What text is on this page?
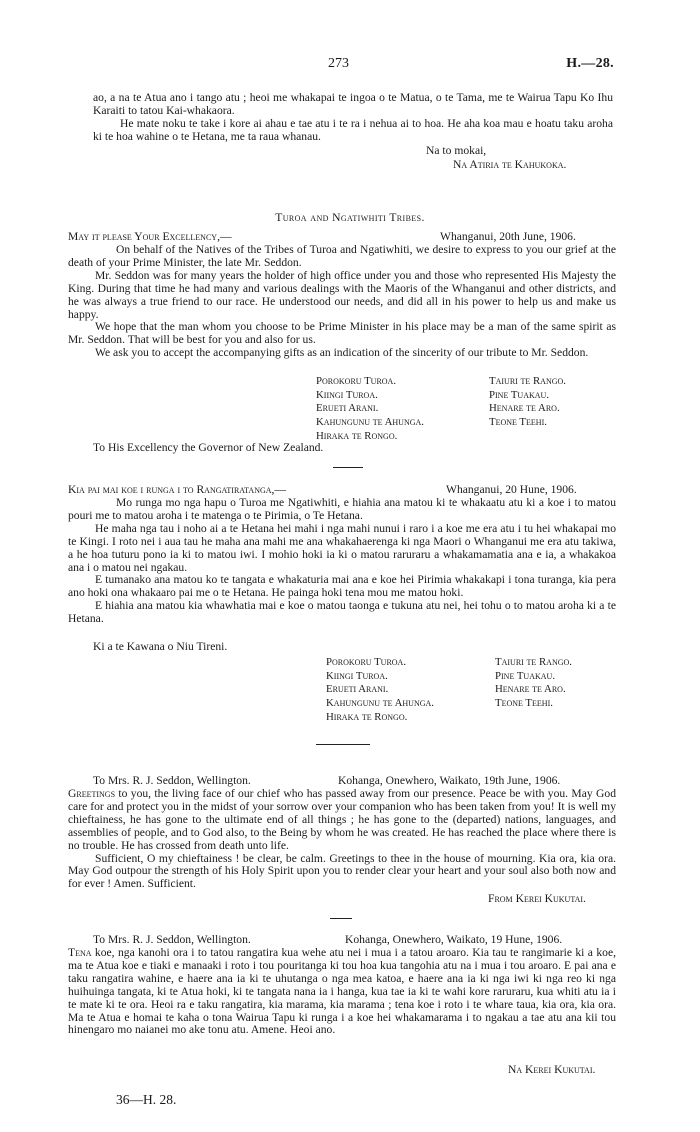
273	H.—28.

ao, a na te Atua ano i tango atu ; heoi me whakapai te ingoa o te Matua, o te Tama, me te Wairua Tapu Ko Ihu Karaiti to tatou Kai-whakaora.

He mate noku te take i kore ai ahau e tae atu i te ra i nehua ai to hoa. He aha koa mau e hoatu taku aroha ki te hoa wahine o te Hetana, me ta raua whanau.

Na to mokai,
Na Atiria te Kahukoka.
Turoa and Ngatiwhiti Tribes.
May it please Your Excellency,—	Whanganui, 20th June, 1906.

On behalf of the Natives of the Tribes of Turoa and Ngatiwhiti, we desire to express to you our grief at the death of your Prime Minister, the late Mr. Seddon.

Mr. Seddon was for many years the holder of high office under you and those who represented His Majesty the King. During that time he had many and various dealings with the Maoris of the Whanganui and other districts, and he was always a true friend to our race. He understood our needs, and did all in his power to help us and make us happy.

We hope that the man whom you choose to be Prime Minister in his place may be a man of the same spirit as Mr. Seddon. That will be best for you and also for us.

We ask you to accept the accompanying gifts as an indication of the sincerity of our tribute to Mr. Seddon.

Porokoru Turoa.
Kiingi Turoa.
Erueti Arani.
Kahungunu te Ahunga.
Hiraka te Rongo.
Taiuri te Rango.
Pine Tuakau.
Henare te Aro.
Teone Teehi.
To His Excellency the Governor of New Zealand.
Kia pai mai koe i runga i to Rangatiratanga,—	Whanganui, 20 Hune, 1906.

Mo runga mo nga hapu o Turoa me Ngatiwhiti, e hiahia ana matou ki te whakaatu atu ki a koe i to matou pouri me to matou aroha i te matenga o te Pirimia, o Te Hetana.

He maha nga tau i noho ai a te Hetana hei mahi i nga mahi nunui i raro i a koe me era atu i tu hei whakapai mo te Kingi. I roto nei i aua tau he maha ana mahi me ana whakahaerenga ki nga Maori o Whanganui me era atu takiwa, a he hoa tuturu pono ia ki to matou iwi. I mohio hoki ia ki o matou raruraru a whakamamatia ana e ia, a whakakoa ana i o matou nei ngakau.

E tumanako ana matou ko te tangata e whakaturia mai ana e koe hei Pirimia whakakapi i tona turanga, kia pera ano hoki ona whakaaro pai me o te Hetana. He painga hoki tena mou me matou hoki.

E hiahia ana matou kia whawhatia mai e koe o matou taonga e tukuna atu nei, hei tohu o to matou aroha ki a te Hetana.

Ki a te Kawana o Niu Tireni.
Porokoru Turoa.
Kiingi Turoa.
Erueti Arani.
Kahungunu te Ahunga.
Hiraka te Rongo.
Taiuri te Rango.
Pine Tuakau.
Henare te Aro.
Teone Teehi.
To Mrs. R. J. Seddon, Wellington.	Kohanga, Onewhero, Waikato, 19th June, 1906.

Greetings to you, the living face of our chief who has passed away from our presence. Peace be with you. May God care for and protect you in the midst of your sorrow over your companion who has been taken from you! It is well my chieftainess, he has gone to the ultimate end of all things ; he has gone to the (departed) nations, languages, and assemblies of people, and to God also, to the Being by whom he was created. He has reached the place where there is no trouble. He has crossed from death unto life.

Sufficient, O my chieftainess ! be clear, be calm. Greetings to thee in the house of mourning. Kia ora, kia ora. May God outpour the strength of his Holy Spirit upon you to render clear your heart and your soul also both now and for ever ! Amen. Sufficient.

From Kerei Kukutai.
To Mrs. R. J. Seddon, Wellington.	Kohanga, Onewhero, Waikato, 19 Hune, 1906.

Tena koe, nga kanohi ora i to tatou rangatira kua wehe atu nei i mua i a tatou aroaro. Kia tau te rangimarie ki a koe, ma te Atua koe e tiaki e manaaki i roto i tou pouritanga ki tou hoa kua tangohia atu na i mua i tou aroaro. E pai ana e taku rangatira wahine, e haere ana ia ki te uhutanga o nga mea katoa, e haere ana ia ki nga iwi ki nga reo ki nga huihuinga tangata, ki te Atua hoki, ki te tangata nana ia i hanga, kua tae ia ki te wahi kore raruraru, kua whiti atu ia i te mate ki te ora. Heoi ra e taku rangatira, kia marama, kia marama ; tena koe i roto i te whare taua, kia ora, kia ora. Ma te Atua e homai te kaha o tona Wairua Tapu ki runga i a koe hei whakamarama i to ngakau a tae atu ana kii tou hinengaro mo naianei mo ake tonu atu. Amene. Heoi ano.

Na Kerei Kukutai.
36—H. 28.
